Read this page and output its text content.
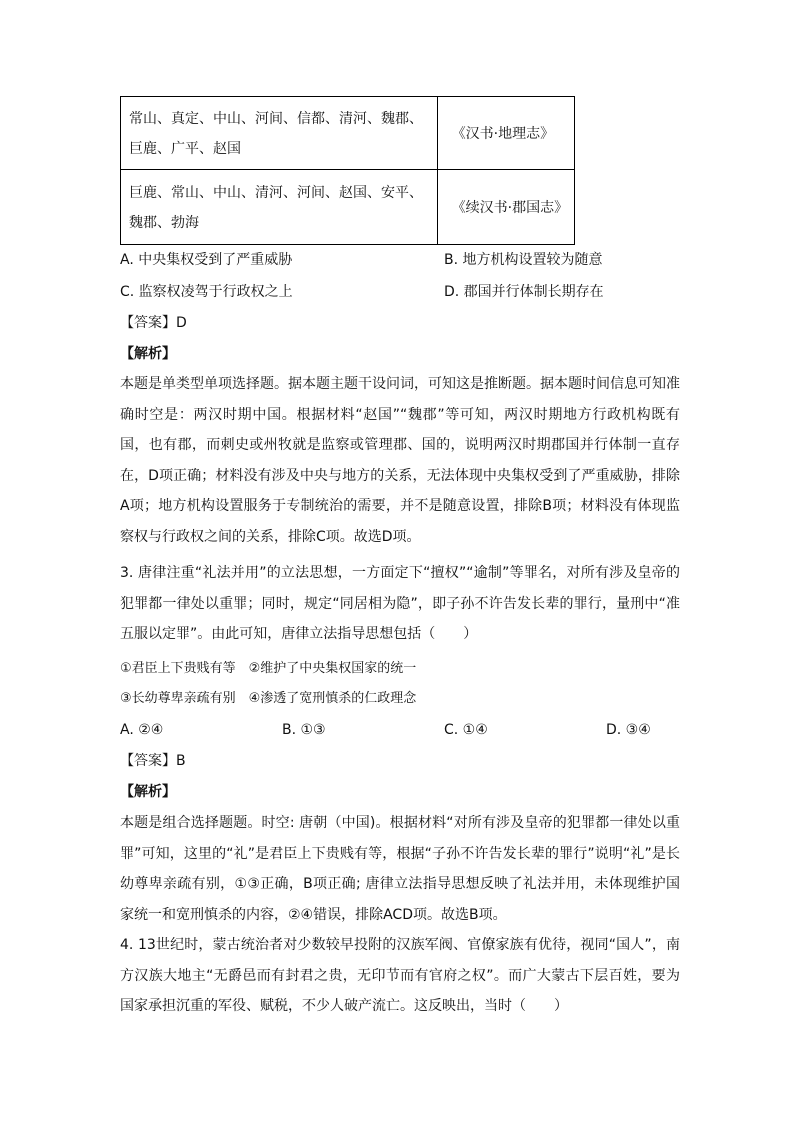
常山、真定、中山、河间、信都、清河、魏郡、巨鹿、广平、赵国	《汉书·地理志》
巨鹿、常山、中山、清河、河间、赵国、安平、魏郡、勃海	《续汉书·郡国志》
A. 中央集权受到了严重威胁	B. 地方机构设置较为随意
C. 监察权凌驾于行政权之上	D. 郡国并行体制长期存在
【答案】D
【解析】
本题是单类型单项选择题。据本题主题干设问词，可知这是推断题。据本题时间信息可知准确时空是：两汉时期中国。根据材料“赵国”“魏郡”等可知，两汉时期地方行政机构既有国，也有郡，而刺史或州牧就是监察或管理郡、国的，说明两汉时期郡国并行体制一直存在，D项正确；材料没有涉及中央与地方的关系，无法体现中央集权受到了严重威胁，排除A项；地方机构设置服务于专制统治的需要，并不是随意设置，排除B项；材料没有体现监察权与行政权之间的关系，排除C项。故选D项。
3. 唐律注重“礼法并用”的立法思想，一方面定下“擅权”“逾制”等罪名，对所有涉及皇帝的犯罪都一律处以重罪；同时，规定“同居相为隐”，即子孙不许告发长辈的罪行，量刑中“准五服以定罪”。由此可知，唐律立法指导思想包括（　　）
①君臣上下贵贱有等　②维护了中央集权国家的统一
③长幼尊卑亲疏有别　④渗透了宽刑慎杀的仁政理念
A. ②④	B. ①③	C. ①④	D. ③④
【答案】B
【解析】
本题是组合选择题题。时空: 唐朝（中国)。根据材料“对所有涉及皇帝的犯罪都一律处以重罪”可知，这里的“礼”是君臣上下贵贱有等，根据“子孙不许告发长辈的罪行”说明“礼”是长幼尊卑亲疏有别，①③正确，B项正确; 唐律立法指导思想反映了礼法并用，未体现维护国家统一和宽刑慎杀的内容，②④错误，排除ACD项。故选B项。
4. 13世纪时，蒙古统治者对少数较早投附的汉族军阀、官僚家族有优待，视同“国人”，南方汉族大地主“无爵邑而有封君之贵，无印节而有官府之权”。而广大蒙古下层百姓，要为国家承担沉重的军役、赋税，不少人破产流亡。这反映出，当时（　　）
